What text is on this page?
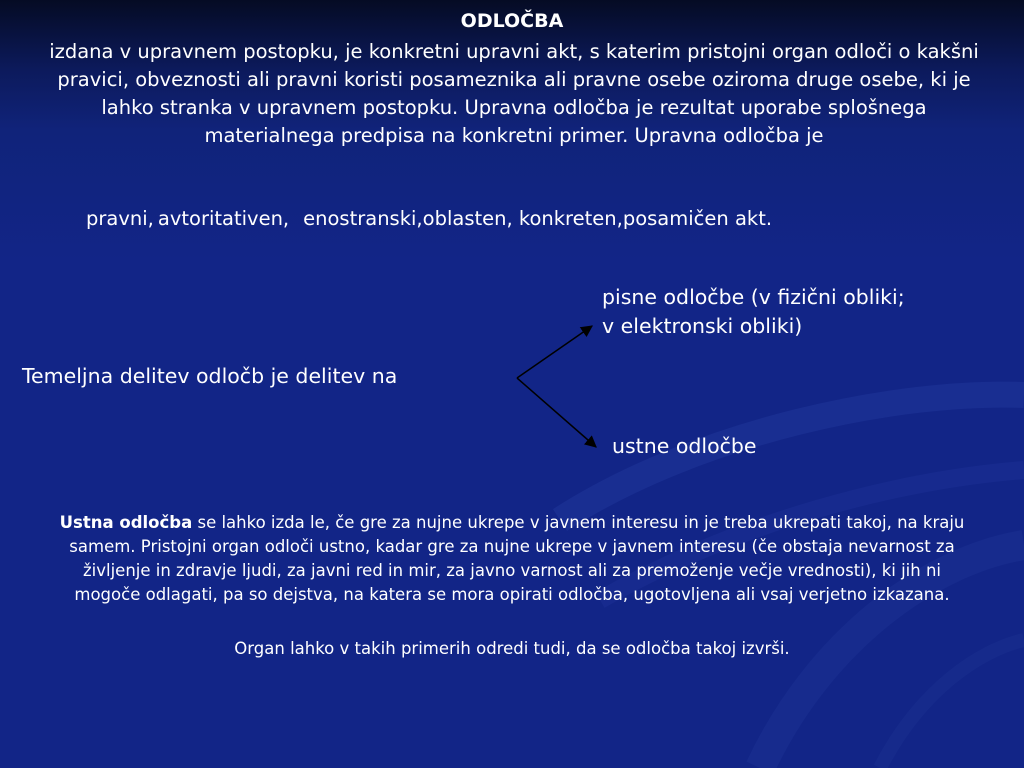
ODLOČBA

izdana v upravnem postopku, je konkretni upravni akt, s katerim pristojni organ odloči o kakšni pravici, obveznosti ali pravni koristi posameznika ali pravne osebe oziroma druge osebe, ki je lahko stranka v upravnem postopku. Upravna odločba je rezultat uporabe splošnega materialnega predpisa na konkretni primer. Upravna odločba je

pravni, avtoritativen, enostranski,oblasten, konkreten,posamičen akt.
Temeljna delitev odločb je delitev na
pisne odločbe (v fizični obliki;
v elektronski obliki)
ustne odločbe

Ustna odločba se lahko izda le, če gre za nujne ukrepe v javnem interesu in je treba ukrepati takoj, na kraju samem. Pristojni organ odloči ustno, kadar gre za nujne ukrepe v javnem interesu (če obstaja nevarnost za življenje in zdravje ljudi, za javni red in mir, za javno varnost ali za premoženje večje vrednosti), ki jih ni mogoče odlagati, pa so dejstva, na katera se mora opirati odločba, ugotovljena ali vsaj verjetno izkazana.

Organ lahko v takih primerih odredi tudi, da se odločba takoj izvrši.
